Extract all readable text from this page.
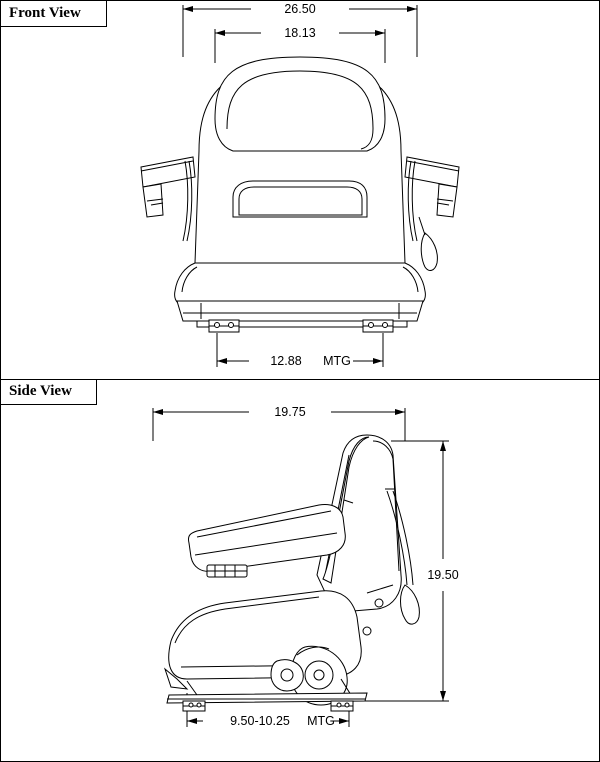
26.50
18.13
12.88 MTG
19.75
19.50
9.50-10.25 MTG
Front View
Side View
